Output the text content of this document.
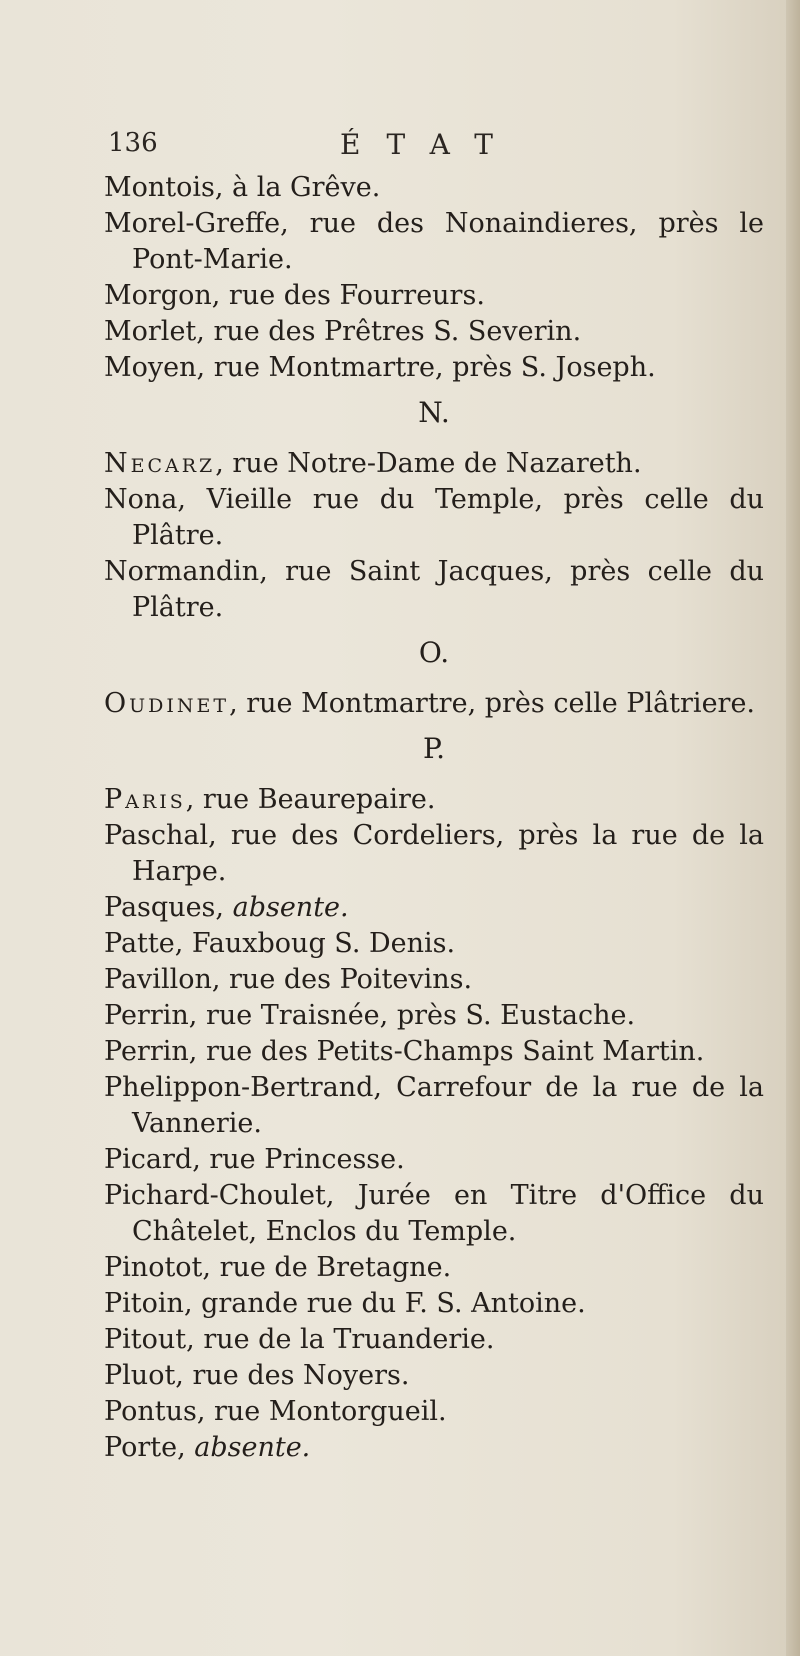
136	ÉTAT

Montois, à la Grêve.

Morel-Greffe, rue des Nonaindieres, près le Pont-Marie.

Morgon, rue des Fourreurs.

Morlet, rue des Prêtres S. Severin.

Moyen, rue Montmartre, près S. Joseph.

N.

Necarz, rue Notre-Dame de Nazareth.

Nona, Vieille rue du Temple, près celle du Plâtre.

Normandin, rue Saint Jacques, près celle du Plâtre.

O.

Oudinet, rue Montmartre, près celle Plâtriere.

P.

Paris, rue Beaurepaire.

Paschal, rue des Cordeliers, près la rue de la Harpe.

Pasques, absente.

Patte, Fauxboug S. Denis.

Pavillon, rue des Poitevins.

Perrin, rue Traisnée, près S. Eustache.

Perrin, rue des Petits-Champs Saint Martin.

Phelippon-Bertrand, Carrefour de la rue de la Vannerie.

Picard, rue Princesse.

Pichard-Choulet, Jurée en Titre d'Office du Châtelet, Enclos du Temple.

Pinotot, rue de Bretagne.

Pitoin, grande rue du F. S. Antoine.

Pitout, rue de la Truanderie.

Pluot, rue des Noyers.

Pontus, rue Montorgueil.

Porte, absente.
